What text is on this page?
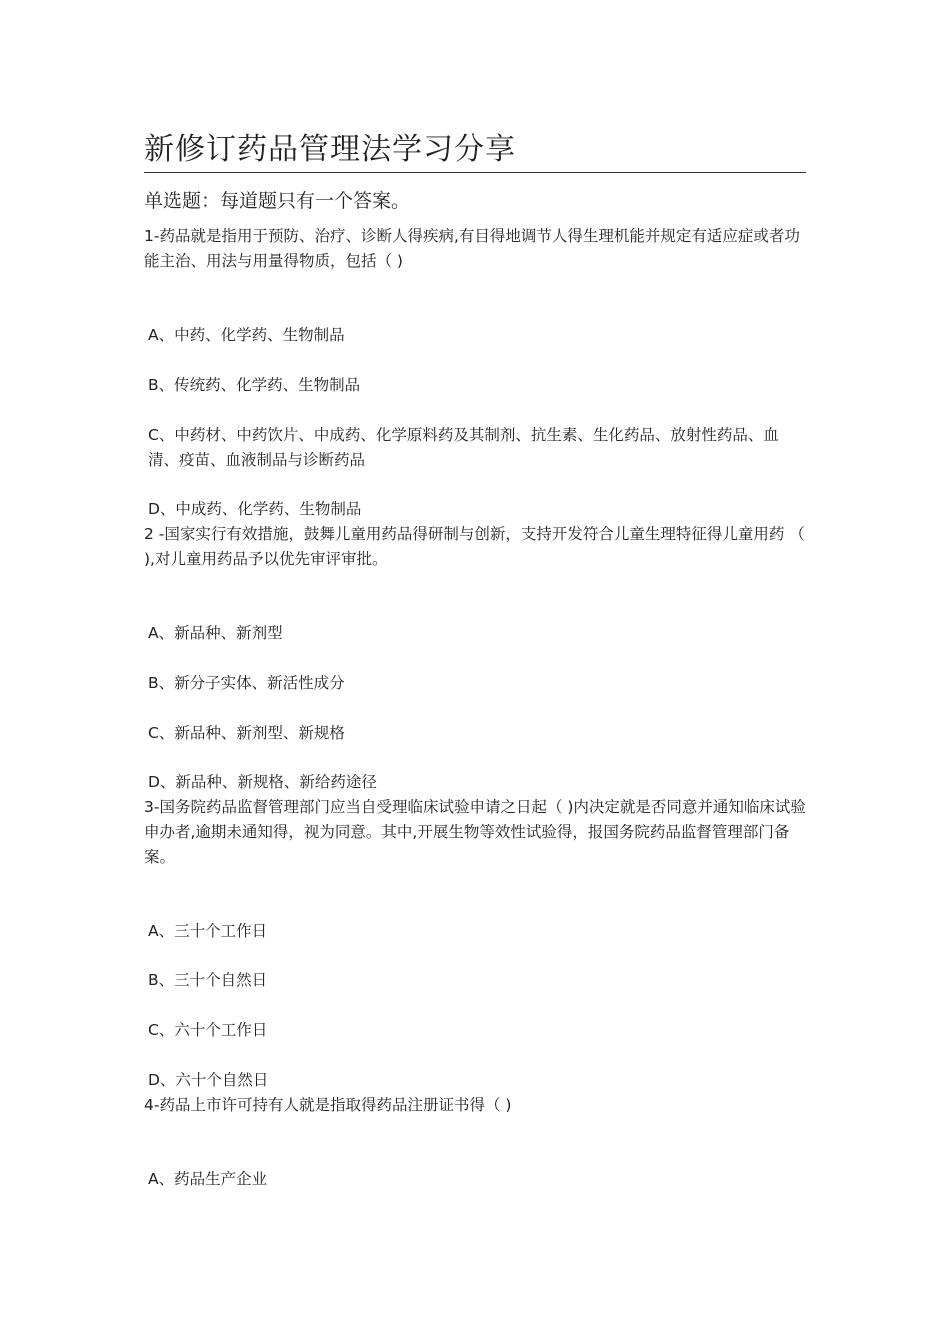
新修订药品管理法学习分享
单选题：每道题只有一个答案。
1-药品就是指用于预防、治疗、诊断人得疾病,有目得地调节人得生理机能并规定有适应症或者功能主治、用法与用量得物质，包括（ )
A、中药、化学药、生物制品
B、传统药、化学药、生物制品
C、中药材、中药饮片、中成药、化学原料药及其制剂、抗生素、生化药品、放射性药品、血清、疫苗、血液制品与诊断药品
D、中成药、化学药、生物制品
2 -国家实行有效措施，鼓舞儿童用药品得研制与创新，支持开发符合儿童生理特征得儿童用药 （ ),对儿童用药品予以优先审评审批。
A、新品种、新剂型
B、新分子实体、新活性成分
C、新品种、新剂型、新规格
D、新品种、新规格、新给药途径
3-国务院药品监督管理部门应当自受理临床试验申请之日起（ )内决定就是否同意并通知临床试验申办者,逾期未通知得，视为同意。其中,开展生物等效性试验得，报国务院药品监督管理部门备案。
A、三十个工作日
B、三十个自然日
C、六十个工作日
D、六十个自然日
4-药品上市许可持有人就是指取得药品注册证书得（ )
A、药品生产企业
